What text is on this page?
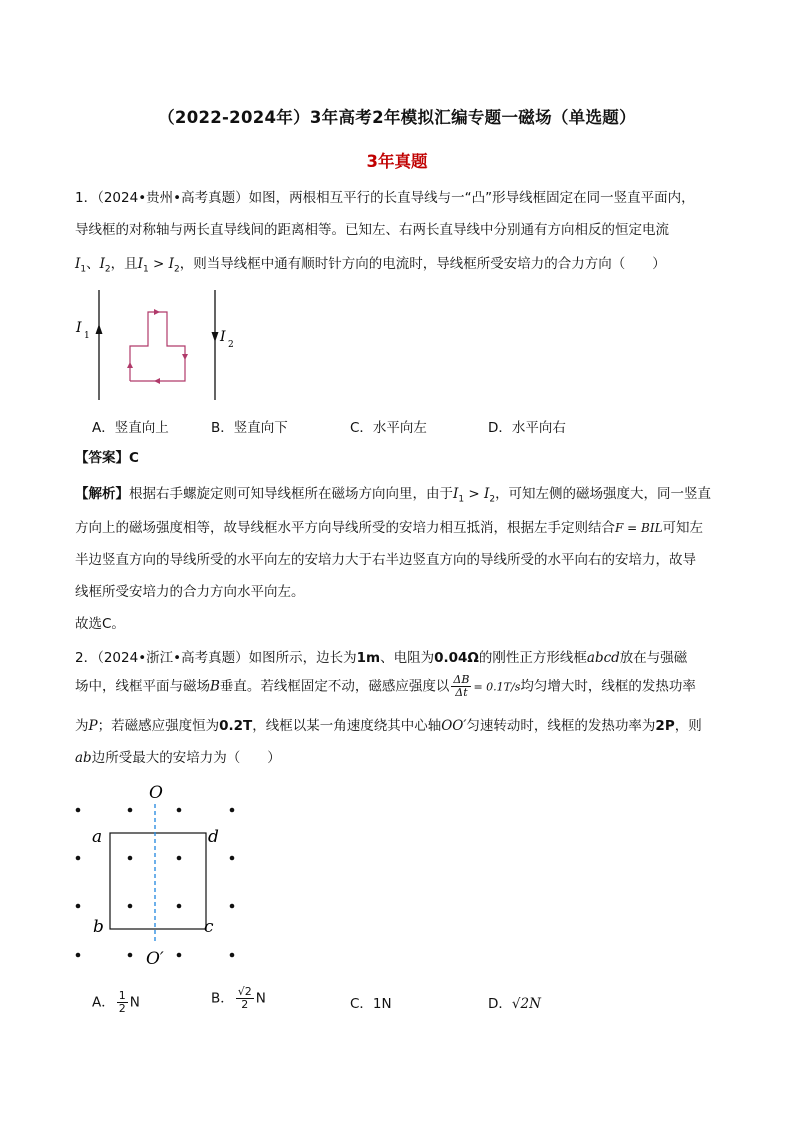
（2022-2024年）3年高考2年模拟汇编专题一磁场（单选题）
3年真题
1．（2024•贵州•高考真题）如图，两根相互平行的长直导线与一“凸”形导线框固定在同一竖直平面内，
导线框的对称轴与两长直导线间的距离相等。已知左、右两长直导线中分别通有方向相反的恒定电流
$I_1$、$I_2$，且$I_1 > I_2$，则当导线框中通有顺时针方向的电流时，导线框所受安培力的合力方向（　　）
I 1	I 2
A．竖直向上	B．竖直向下	C．水平向左	D．水平向右
【答案】C
【解析】根据右手螺旋定则可知导线框所在磁场方向向里，由于$I_1 > I_2$，可知左侧的磁场强度大，同一竖直
方向上的磁场强度相等，故导线框水平方向导线所受的安培力相互抵消，根据左手定则结合F = BIL可知左
半边竖直方向的导线所受的水平向左的安培力大于右半边竖直方向的导线所受的水平向右的安培力，故导
线框所受安培力的合力方向水平向左。
故选C。
2．（2024•浙江•高考真题）如图所示，边长为1m、电阻为0.04Ω的刚性正方形线框abcd放在与强磁
场中，线框平面与磁场B垂直。若线框固定不动，磁感应强度以 $\frac{\Delta B}{\Delta t} = 0.1T/s$均匀增大时，线框的发热功率
为P；若磁感应强度恒为0.2T，线框以某一角速度绕其中心轴OO′匀速转动时，线框的发热功率为2P，则
ab边所受最大的安培力为（　　）
O
O′
a	d
b	c
A． $\frac{1}{2}$ N	B． $\frac{√2}{2}$ N	C．1N	D．√2N
